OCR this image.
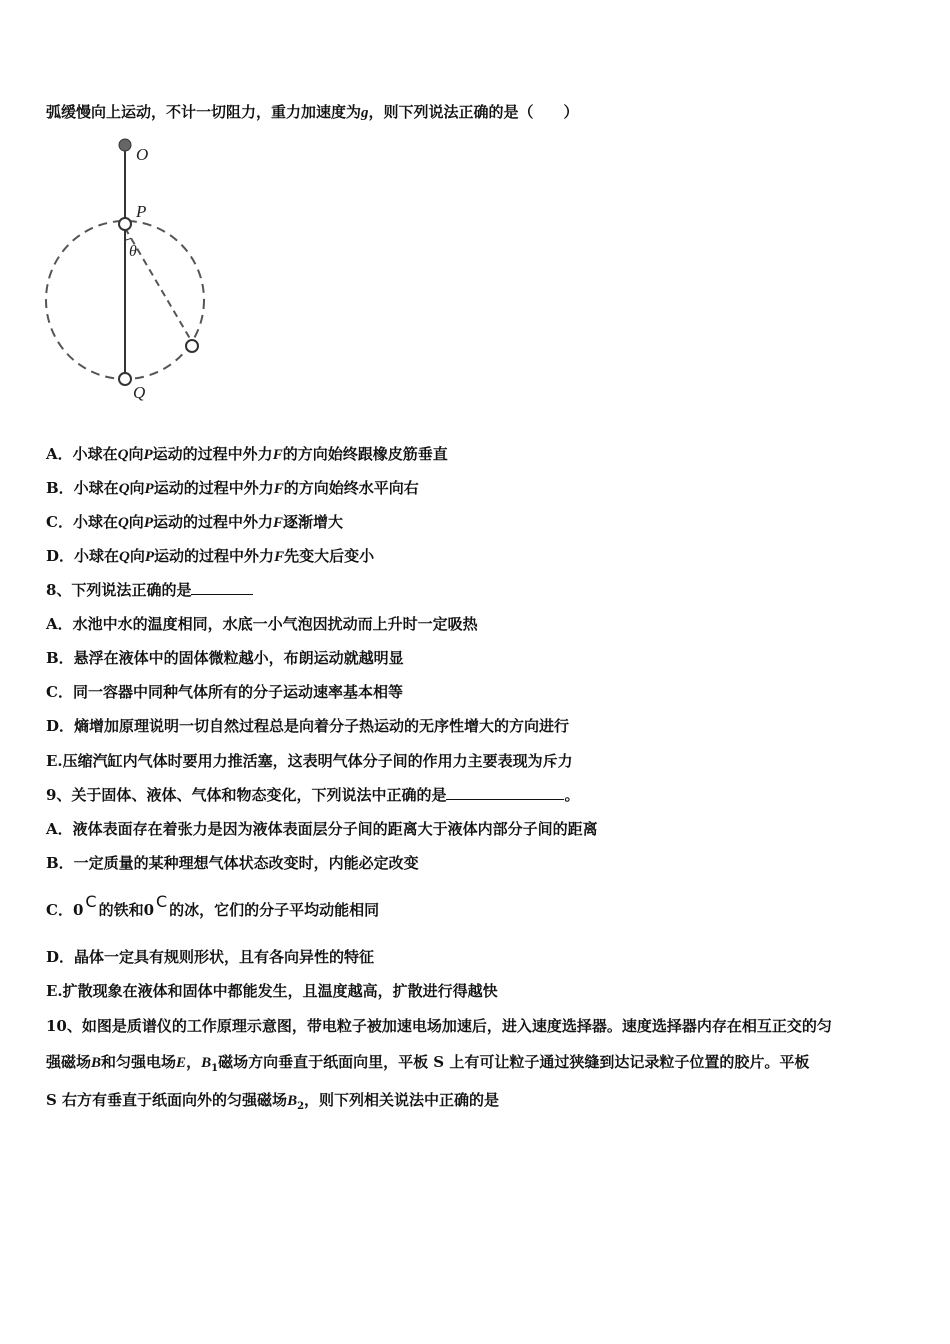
弧缓慢向上运动，不计一切阻力，重力加速度为g，则下列说法正确的是（　　）
O
P
θ
Q
A．小球在Q向P运动的过程中外力F的方向始终跟橡皮筋垂直
B．小球在Q向P运动的过程中外力F的方向始终水平向右
C．小球在Q向P运动的过程中外力F逐渐增大
D．小球在Q向P运动的过程中外力F先变大后变小
8、下列说法正确的是
A．水池中水的温度相同，水底一小气泡因扰动而上升时一定吸热
B．悬浮在液体中的固体微粒越小，布朗运动就越明显
C．同一容器中同种气体所有的分子运动速率基本相等
D．熵增加原理说明一切自然过程总是向着分子热运动的无序性增大的方向进行
E.压缩汽缸内气体时要用力推活塞，这表明气体分子间的作用力主要表现为斥力
9、关于固体、液体、气体和物态变化，下列说法中正确的是	。
A．液体表面存在着张力是因为液体表面层分子间的距离大于液体内部分子间的距离
B．一定质量的某种理想气体状态改变时，内能必定改变
C．0 C 的铁和0 C 的冰，它们的分子平均动能相同
D．晶体一定具有规则形状，且有各向异性的特征
E.扩散现象在液体和固体中都能发生，且温度越高，扩散进行得越快
10、如图是质谱仪的工作原理示意图，带电粒子被加速电场加速后，进入速度选择器。速度选择器内存在相互正交的匀
强磁场B和匀强电场E，$B_1$磁场方向垂直于纸面向里，平板 S 上有可让粒子通过狭缝到达记录粒子位置的胶片。平板
S 右方有垂直于纸面向外的匀强磁场$B_2$，则下列相关说法中正确的是
